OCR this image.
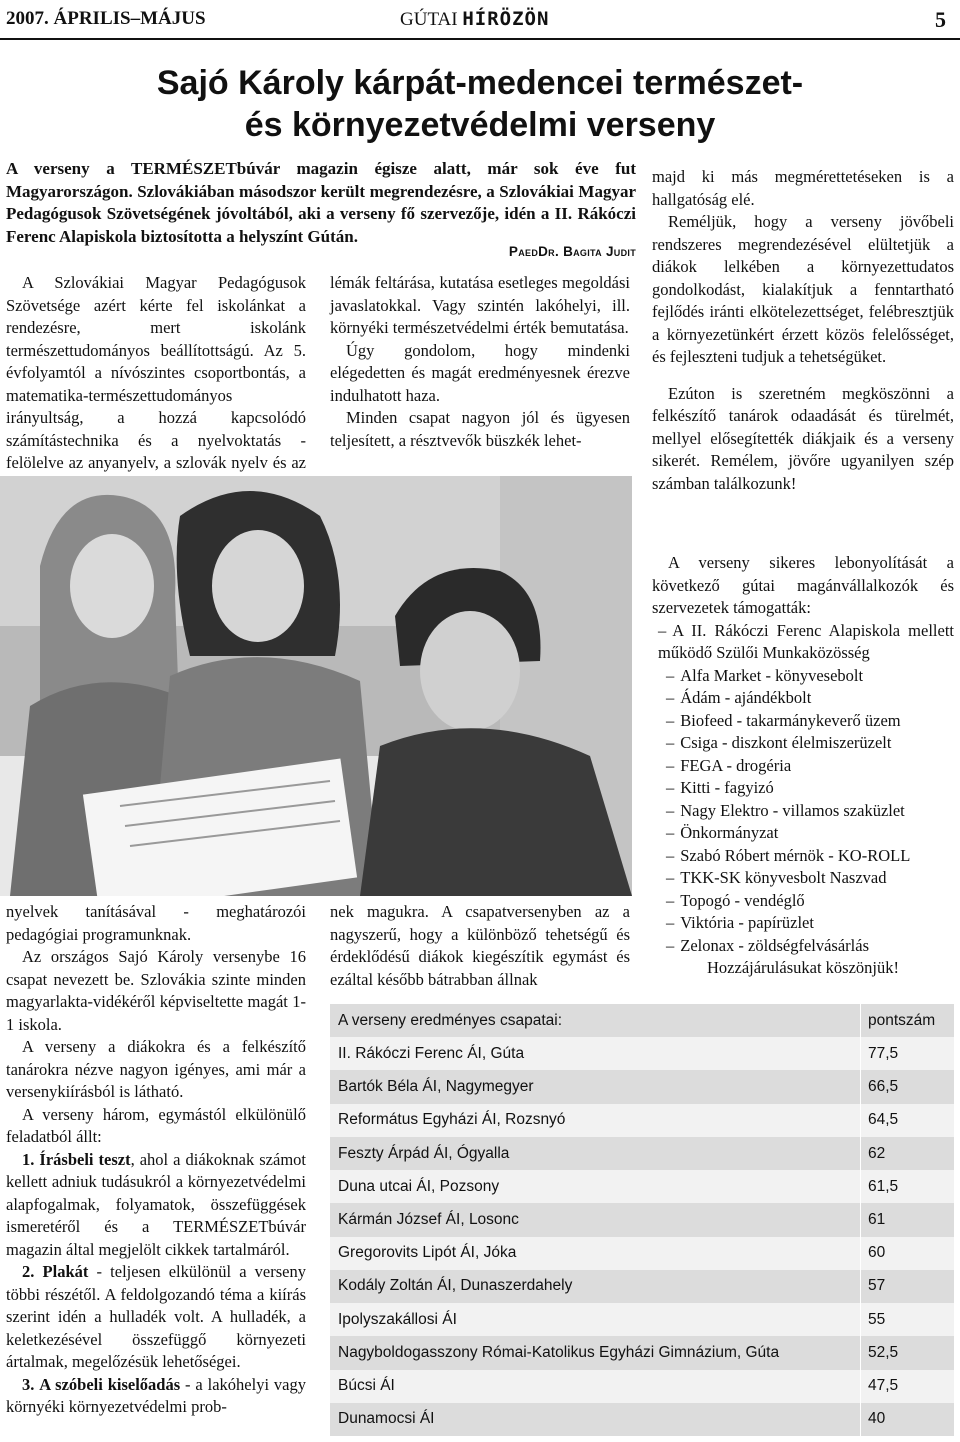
2007. ÁPRILIS–MÁJUS	GÚTAI HÍRÖZÖN	5
Sajó Károly kárpát-medencei természet-
és környezetvédelmi verseny

A verseny a TERMÉSZETbúvár magazin égisze alatt, már sok éve fut Magyarországon. Szlovákiában másodszor került megrendezésre, a Szlovákiai Magyar Pedagógusok Szövetségének jóvoltából, aki a verseny fő szervezője, idén a II. Rákóczi Ferenc Alapiskola biztosította a helyszínt Gútán.

PaedDr. Bagita Judit

A Szlovákiai Magyar Pedagógusok Szövetsége azért kérte fel iskolánkat a rendezésre, mert iskolánk természettudományos beállítottságú. Az 5. évfolyamtól a nívószintes csoportbontás, a matematika-természettudományos irányultság, a hozzá kapcsolódó számítástechnika és a nyelvoktatás - felölelve az anyanyelv, a szlovák nyelv és az

lémák feltárása, kutatása esetleges megoldási javaslatokkal. Vagy szintén lakóhelyi, ill. környéki természetvédelmi érték bemutatása.

Úgy gondolom, hogy mindenki elégedetten és magát eredményesnek érezve indulhatott haza.

Minden csapat nagyon jól és ügyesen teljesített, a résztvevők büszkék lehet-

majd ki más megmérettetéseken is a hallgatóság elé.

Reméljük, hogy a verseny jövőbeli rendszeres megrendezésével elültetjük a diákok lelkében a környezettudatos gondolkodást, kialakítjuk a fenntartható fejlődés iránti elkötelezettséget, felébresztjük a környezetünkért érzett közös felelősséget, és fejleszteni tudjuk a tehetségüket.

Ezúton is szeretném megköszönni a felkészítő tanárok odaadását és türelmét, mellyel elősegítették diákjaik és a verseny sikerét. Remélem, jövőre ugyanilyen szép számban találkozunk!

nyelvek tanításával - meghatározói pedagógiai programunknak.

Az országos Sajó Károly versenybe 16 csapat nevezett be. Szlovákia szinte minden magyarlakta-vidékéről képviseltette magát 1-1 iskola.

A verseny a diákokra és a felkészítő tanárokra nézve nagyon igényes, ami már a versenykiírásból is látható.

A verseny három, egymástól elkülönülő feladatból állt:

1. Írásbeli teszt, ahol a diákoknak számot kellett adniuk tudásukról a környezetvédelmi alapfogalmak, folyamatok, összefüggések ismeretéről és a TERMÉSZETbúvár magazin által megjelölt cikkek tartalmáról.

2. Plakát - teljesen elkülönül a verseny többi részétől. A feldolgozandó téma a kiírás szerint idén a hulladék volt. A hulladék, a keletkezésével összefüggő környezeti ártalmak, megelőzésük lehetőségei.

3. A szóbeli kiselőadás - a lakóhelyi vagy környéki környezetvédelmi prob-

nek magukra. A csapatversenyben az a nagyszerű, hogy a különböző tehetségű és érdeklődésű diákok kiegészítik egymást és ezáltal később bátrabban állnak

A verseny sikeres lebonyolítását a következő gútai magánvállalkozók és szervezetek támogatták:

– A II. Rákóczi Ferenc Alapiskola mellett működő Szülői Munkaközösség
– Alfa Market - könyvesebolt
– Ádám - ajándékbolt
– Biofeed - takarmánykeverő üzem
– Csiga - diszkont élelmiszerüzelt
– FEGA - drogéria
– Kitti - fagyizó
– Nagy Elektro - villamos szaküzlet
– Önkormányzat
– Szabó Róbert mérnök - KO-ROLL
– TKK-SK könyvesbolt Naszvad
– Topogó - vendéglő
– Viktória - papírüzlet
– Zelonax - zöldségfelvásárlás

Hozzájárulásukat köszönjük!

A verseny eredményes csapatai:	pontszám
II. Rákóczi Ferenc ÁI, Gúta	77,5
Bartók Béla ÁI, Nagymegyer	66,5
Református Egyházi ÁI, Rozsnyó	64,5
Feszty Árpád ÁI, Ógyalla	62
Duna utcai ÁI, Pozsony	61,5
Kármán József ÁI, Losonc	61
Gregorovits Lipót ÁI, Jóka	60
Kodály Zoltán ÁI, Dunaszerdahely	57
Ipolyszakállosi ÁI	55
Nagyboldogasszony Római-Katolikus Egyházi Gimnázium, Gúta	52,5
Búcsi ÁI	47,5
Dunamocsi ÁI	40
